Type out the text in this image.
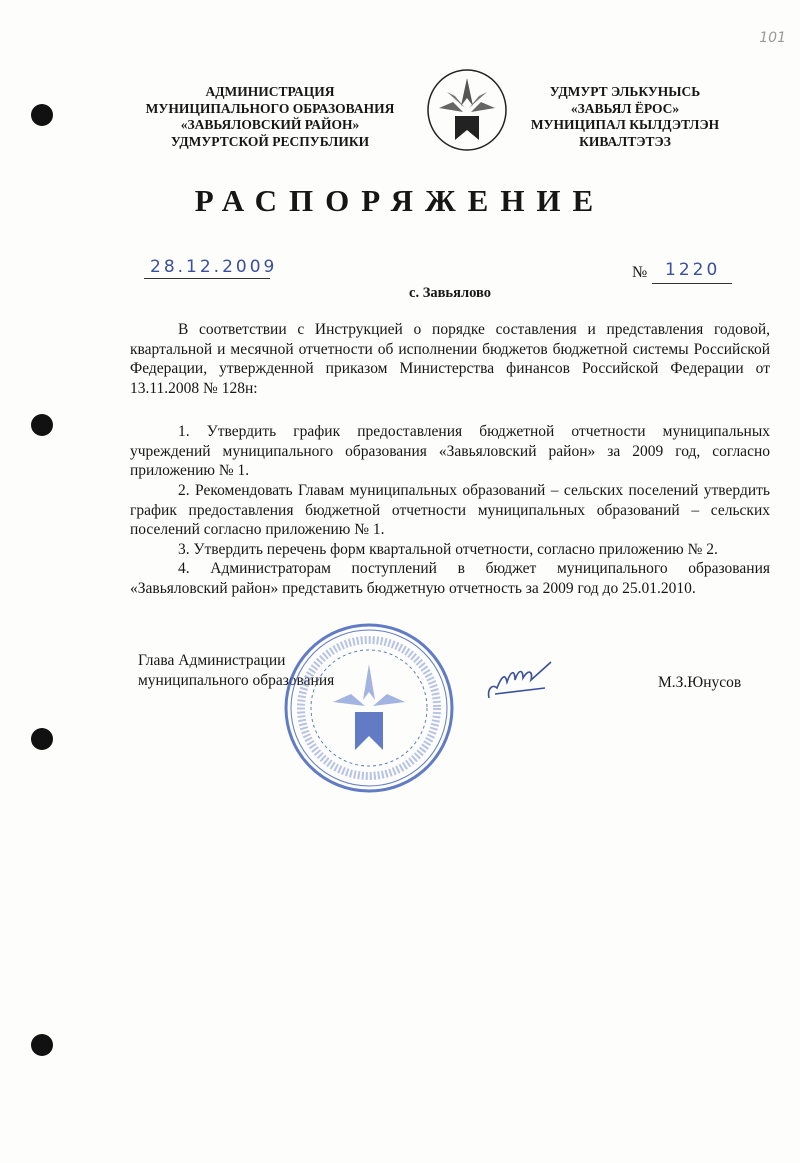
101
АДМИНИСТРАЦИЯ
МУНИЦИПАЛЬНОГО ОБРАЗОВАНИЯ
«ЗАВЬЯЛОВСКИЙ РАЙОН»
УДМУРТСКОЙ РЕСПУБЛИКИ
УДМУРТ ЭЛЬКУНЫСЬ
«ЗАВЬЯЛ ЁРОС»
МУНИЦИПАЛ КЫЛДЭТЛЭН
КИВАЛТЭТЭЗ
РАСПОРЯЖЕНИЕ
28.12.2009	№ 1220
с. Завьялово
В соответствии с Инструкцией о порядке составления и представления годовой, квартальной и месячной отчетности об исполнении бюджетов бюджетной системы Российской Федерации, утвержденной приказом Министерства финансов Российской Федерации от 13.11.2008 № 128н:
1. Утвердить график предоставления бюджетной отчетности муниципальных учреждений муниципального образования «Завьяловский район» за 2009 год, согласно приложению № 1.
2. Рекомендовать Главам муниципальных образований – сельских поселений утвердить график предоставления бюджетной отчетности муниципальных образований – сельских поселений согласно приложению № 1.
3. Утвердить перечень форм квартальной отчетности, согласно приложению № 2.
4. Администраторам поступлений в бюджет муниципального образования «Завьяловский район» представить бюджетную отчетность за 2009 год до 25.01.2010.
Глава Администрации
муниципального образования	М.З.Юнусов
